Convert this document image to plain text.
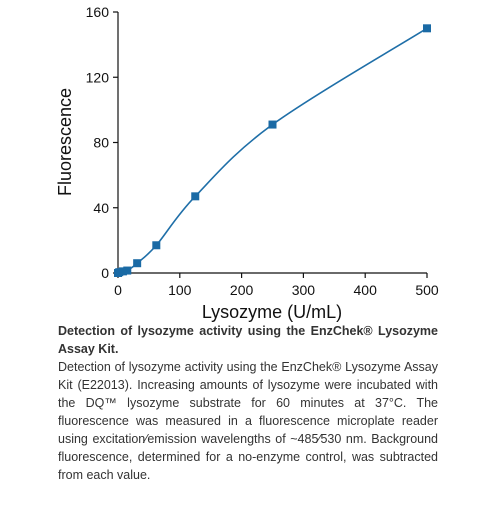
0	100	200	300	400	500
0
40
80
120
160
Lysozyme (U/mL)
Fluorescence
Detection of lysozyme activity using the EnzChek® Lysozyme Assay Kit.

Detection of lysozyme activity using the EnzChek® Lysozyme Assay Kit (E22013). Increasing amounts of lysozyme were incubated with the DQ™ lysozyme substrate for 60 minutes at 37°C. The fluorescence was measured in a fluorescence microplate reader using excitation⁄emission wavelengths of ~485⁄530 nm. Background fluorescence, determined for a no-enzyme control, was subtracted from each value.
